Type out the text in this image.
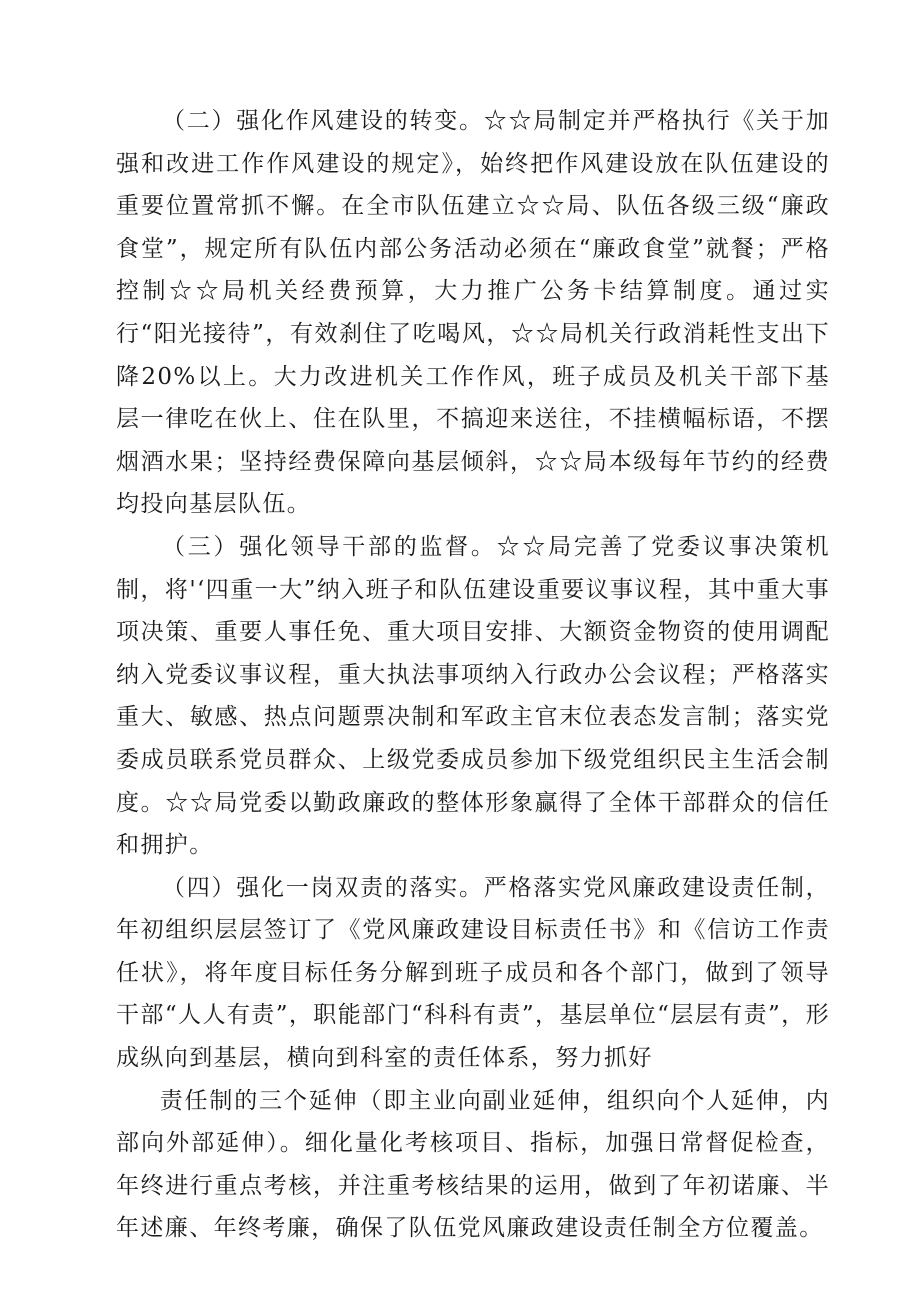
（二）强化作风建设的转变。☆☆局制定并严格执行《关于加强和改进工作作风建设的规定》，始终把作风建设放在队伍建设的重要位置常抓不懈。在全市队伍建立☆☆局、队伍各级三级“廉政食堂”，规定所有队伍内部公务活动必须在“廉政食堂”就餐；严格控制☆☆局机关经费预算，大力推广公务卡结算制度。通过实行“阳光接待”，有效刹住了吃喝风，☆☆局机关行政消耗性支出下降20%以上。大力改进机关工作作风，班子成员及机关干部下基层一律吃在伙上、住在队里，不搞迎来送往，不挂横幅标语，不摆烟酒水果；坚持经费保障向基层倾斜，☆☆局本级每年节约的经费均投向基层队伍。

（三）强化领导干部的监督。☆☆局完善了党委议事决策机制，将'‘四重一大”纳入班子和队伍建设重要议事议程，其中重大事项决策、重要人事任免、重大项目安排、大额资金物资的使用调配纳入党委议事议程，重大执法事项纳入行政办公会议程；严格落实重大、敏感、热点问题票决制和军政主官末位表态发言制；落实党委成员联系党员群众、上级党委成员参加下级党组织民主生活会制度。☆☆局党委以勤政廉政的整体形象赢得了全体干部群众的信任和拥护。

（四）强化一岗双责的落实。严格落实党风廉政建设责任制，年初组织层层签订了《党风廉政建设目标责任书》和《信访工作责任状》，将年度目标任务分解到班子成员和各个部门，做到了领导干部“人人有责”，职能部门“科科有责”，基层单位“层层有责”，形成纵向到基层，横向到科室的责任体系，努力抓好

责任制的三个延伸（即主业向副业延伸，组织向个人延伸，内部向外部延伸）。细化量化考核项目、指标，加强日常督促检查，年终进行重点考核，并注重考核结果的运用，做到了年初诺廉、半年述廉、年终考廉，确保了队伍党风廉政建设责任制全方位覆盖。
